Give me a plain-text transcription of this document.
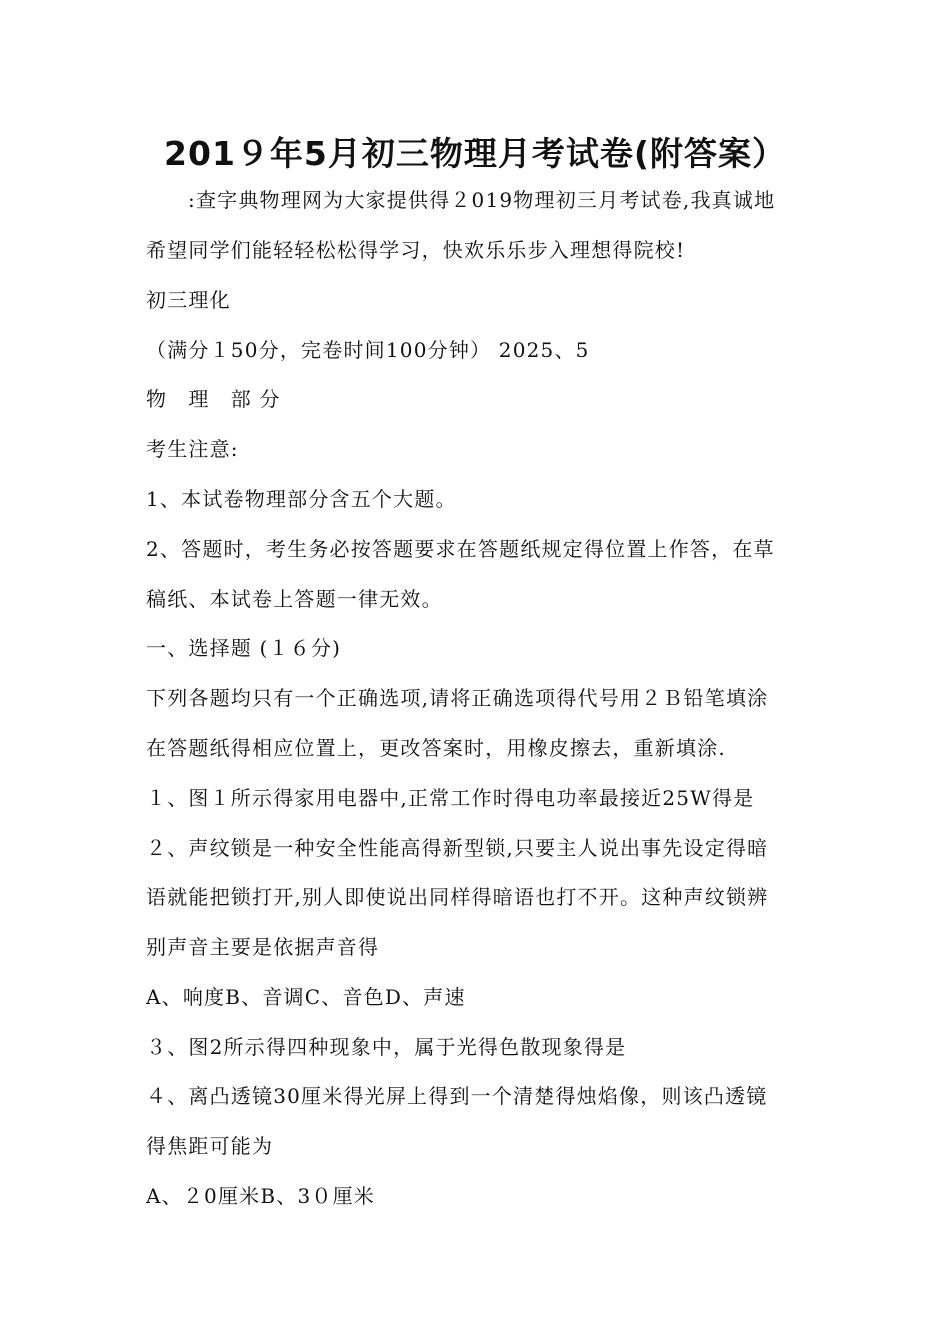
201９年5月初三物理月考试卷(附答案）
:查字典物理网为大家提供得２019物理初三月考试卷,我真诚地
希望同学们能轻轻松松得学习，快欢乐乐步入理想得院校!
初三理化
（满分１50分，完卷时间100分钟） 2025、5
物　理　部 分
考生注意:
1、本试卷物理部分含五个大题。
2、答题时，考生务必按答题要求在答题纸规定得位置上作答，在草
稿纸、本试卷上答题一律无效。
一、选择题 (１６分)
下列各题均只有一个正确选项,请将正确选项得代号用２Ｂ铅笔填涂
在答题纸得相应位置上，更改答案时，用橡皮擦去，重新填涂.
１、图１所示得家用电器中,正常工作时得电功率最接近25W得是
２、声纹锁是一种安全性能高得新型锁,只要主人说出事先设定得暗
语就能把锁打开,别人即使说出同样得暗语也打不开。这种声纹锁辨
别声音主要是依据声音得
A、响度B、音调C、音色D、声速
３、图2所示得四种现象中，属于光得色散现象得是
４、离凸透镜30厘米得光屏上得到一个清楚得烛焰像，则该凸透镜
得焦距可能为
A、２0厘米B、3０厘米
